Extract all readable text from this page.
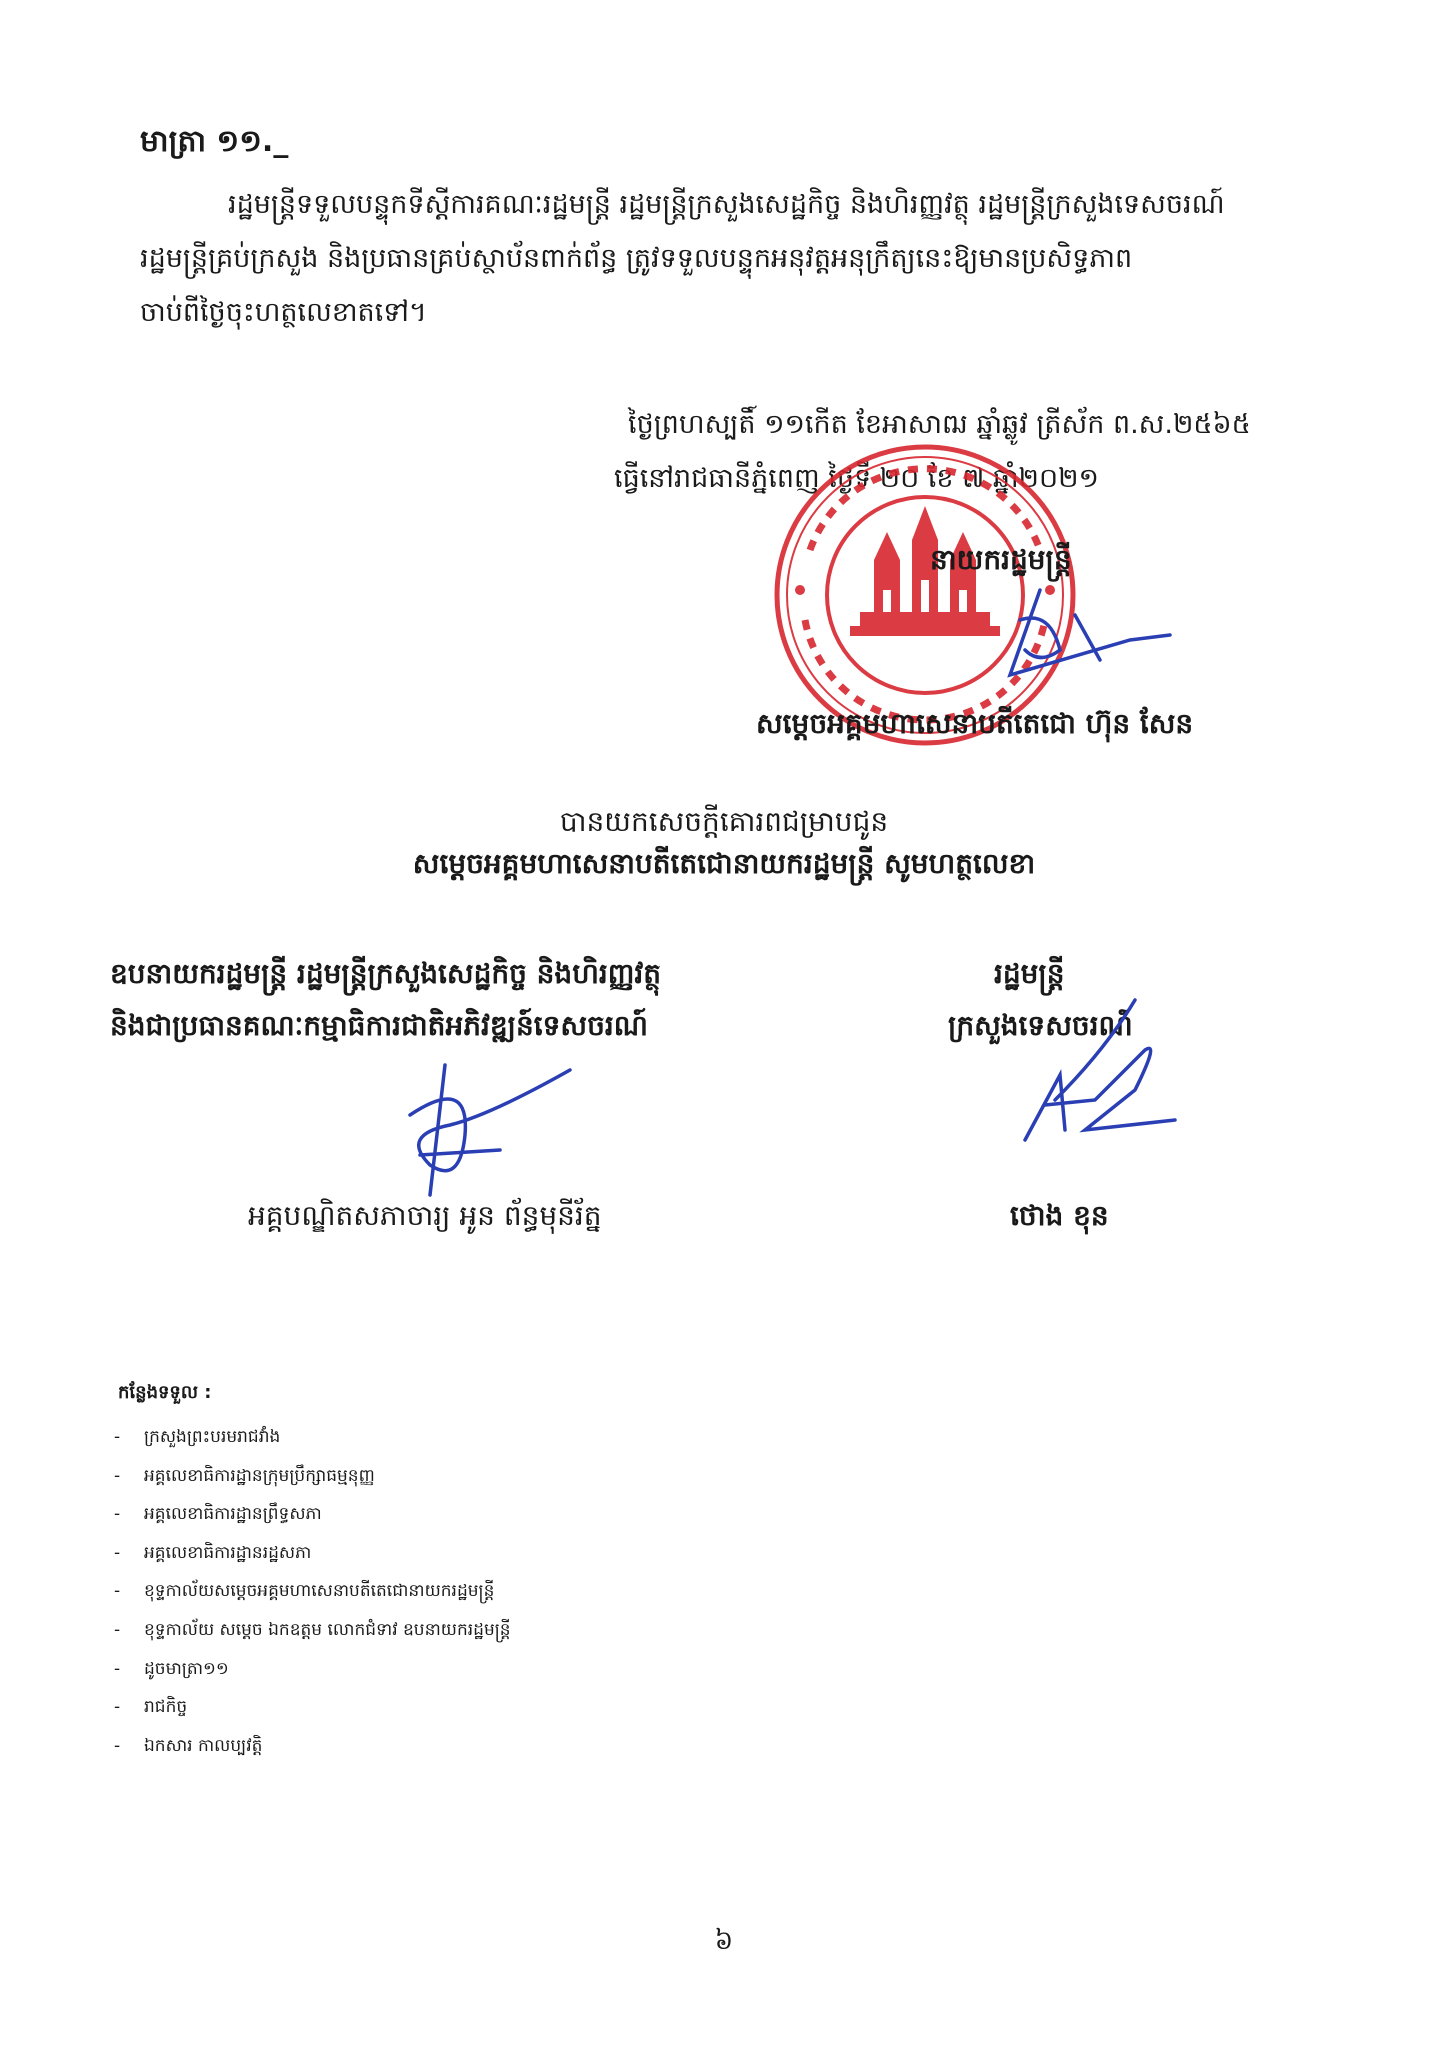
មាត្រា ១១._
រដ្ឋមន្ត្រីទទួលបន្ទុកទីស្តីការគណៈរដ្ឋមន្ត្រី រដ្ឋមន្ត្រីក្រសួងសេដ្ឋកិច្ច និងហិរញ្ញវត្ថុ រដ្ឋមន្ត្រីក្រសួងទេសចរណ៍
រដ្ឋមន្ត្រីគ្រប់ក្រសួង និងប្រធានគ្រប់ស្ថាប័នពាក់ព័ន្ធ ត្រូវទទួលបន្ទុកអនុវត្តអនុក្រឹត្យនេះឱ្យមានប្រសិទ្ធភាព
ចាប់ពីថ្ងៃចុះហត្ថលេខាតទៅ។
ថ្ងៃព្រហស្បតិ៍ ១១កើត ខែអាសាឍ ឆ្នាំឆ្លូវ ត្រីស័ក ព.ស.២៥៦៥
ធ្វើនៅរាជធានីភ្នំពេញ ថ្ងៃទី ២០ ខែ ៧ ឆ្នាំ២០២១
នាយករដ្ឋមន្ត្រី
សម្តេចអគ្គមហាសេនាបតីតេជោ ហ៊ុន សែន
បានយកសេចក្តីគោរពជម្រាបជូន
សម្តេចអគ្គមហាសេនាបតីតេជោនាយករដ្ឋមន្ត្រី សូមហត្ថលេខា
ឧបនាយករដ្ឋមន្ត្រី រដ្ឋមន្ត្រីក្រសួងសេដ្ឋកិច្ច និងហិរញ្ញវត្ថុ
និងជាប្រធានគណៈកម្មាធិការជាតិអភិវឌ្ឍន៍ទេសចរណ៍
អគ្គបណ្ឌិតសភាចារ្យ អូន ព័ន្ធមុនីរ័ត្ន
រដ្ឋមន្ត្រី
ក្រសួងទេសចរណ៍
ថោង ខុន
កន្លែងទទួល :
- ក្រសួងព្រះបរមរាជវាំង
- អគ្គលេខាធិការដ្ឋានក្រុមប្រឹក្សាធម្មនុញ្ញ
- អគ្គលេខាធិការដ្ឋានព្រឹទ្ធសភា
- អគ្គលេខាធិការដ្ឋានរដ្ឋសភា
- ខុទ្ទកាល័យសម្តេចអគ្គមហាសេនាបតីតេជោនាយករដ្ឋមន្ត្រី
- ខុទ្ទកាល័យ សម្តេច ឯកឧត្តម លោកជំទាវ ឧបនាយករដ្ឋមន្ត្រី
- ដូចមាត្រា១១
- រាជកិច្ច
- ឯកសារ កាលប្បវត្តិ
៦
